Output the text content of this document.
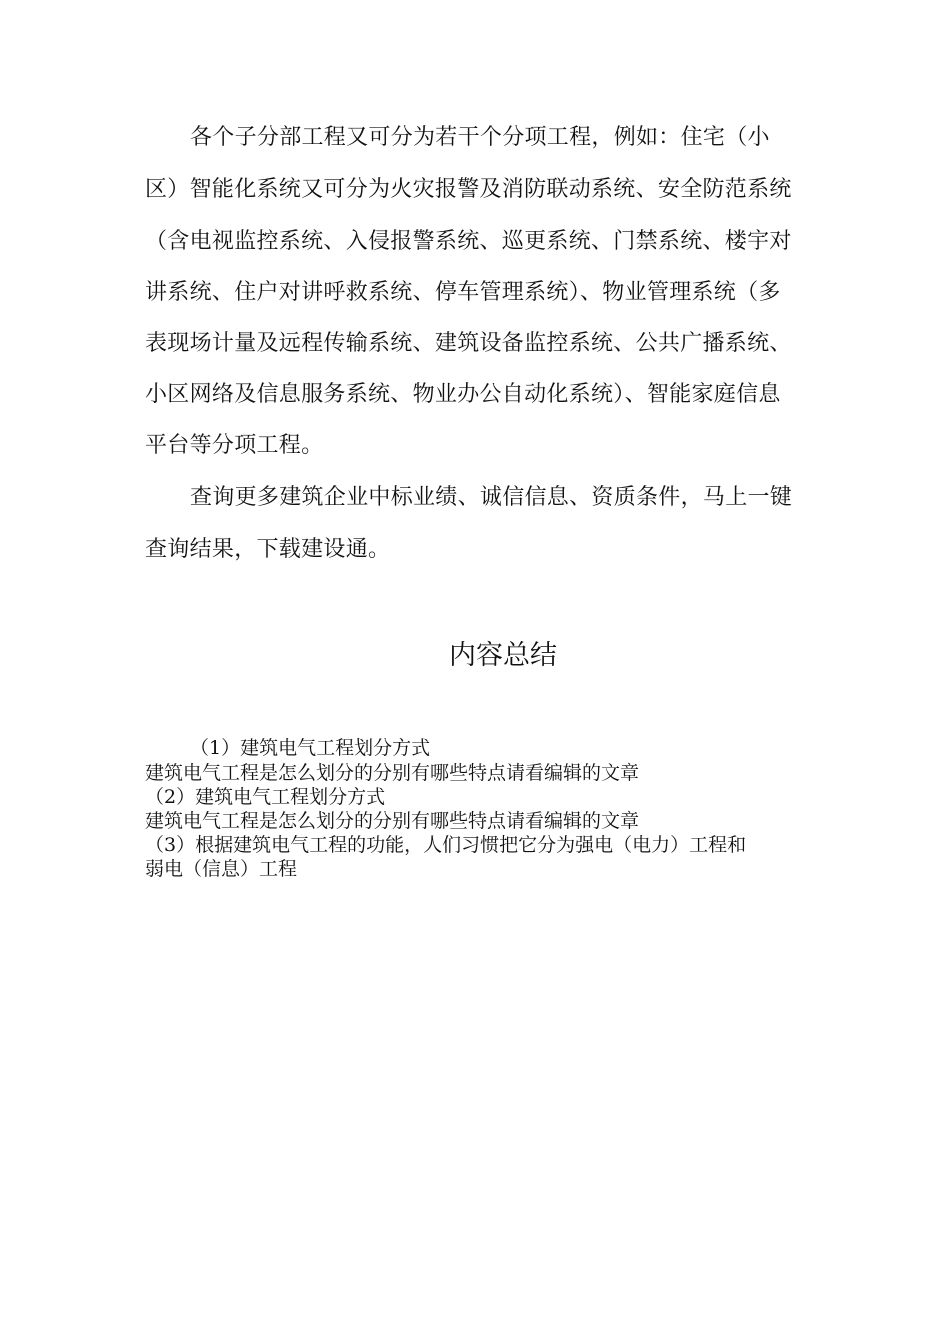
各个子分部工程又可分为若干个分项工程，例如：住宅（小
区）智能化系统又可分为火灾报警及消防联动系统、安全防范系统
（含电视监控系统、入侵报警系统、巡更系统、门禁系统、楼宇对
讲系统、住户对讲呼救系统、停车管理系统）、物业管理系统（多
表现场计量及远程传输系统、建筑设备监控系统、公共广播系统、
小区网络及信息服务系统、物业办公自动化系统）、智能家庭信息
平台等分项工程。
查询更多建筑企业中标业绩、诚信信息、资质条件，马上一键
查询结果，下载建设通。
内容总结
（1）建筑电气工程划分方式
建筑电气工程是怎么划分的分别有哪些特点请看编辑的文章
（2）建筑电气工程划分方式
建筑电气工程是怎么划分的分别有哪些特点请看编辑的文章
（3）根据建筑电气工程的功能，人们习惯把它分为强电（电力）工程和
弱电（信息）工程
